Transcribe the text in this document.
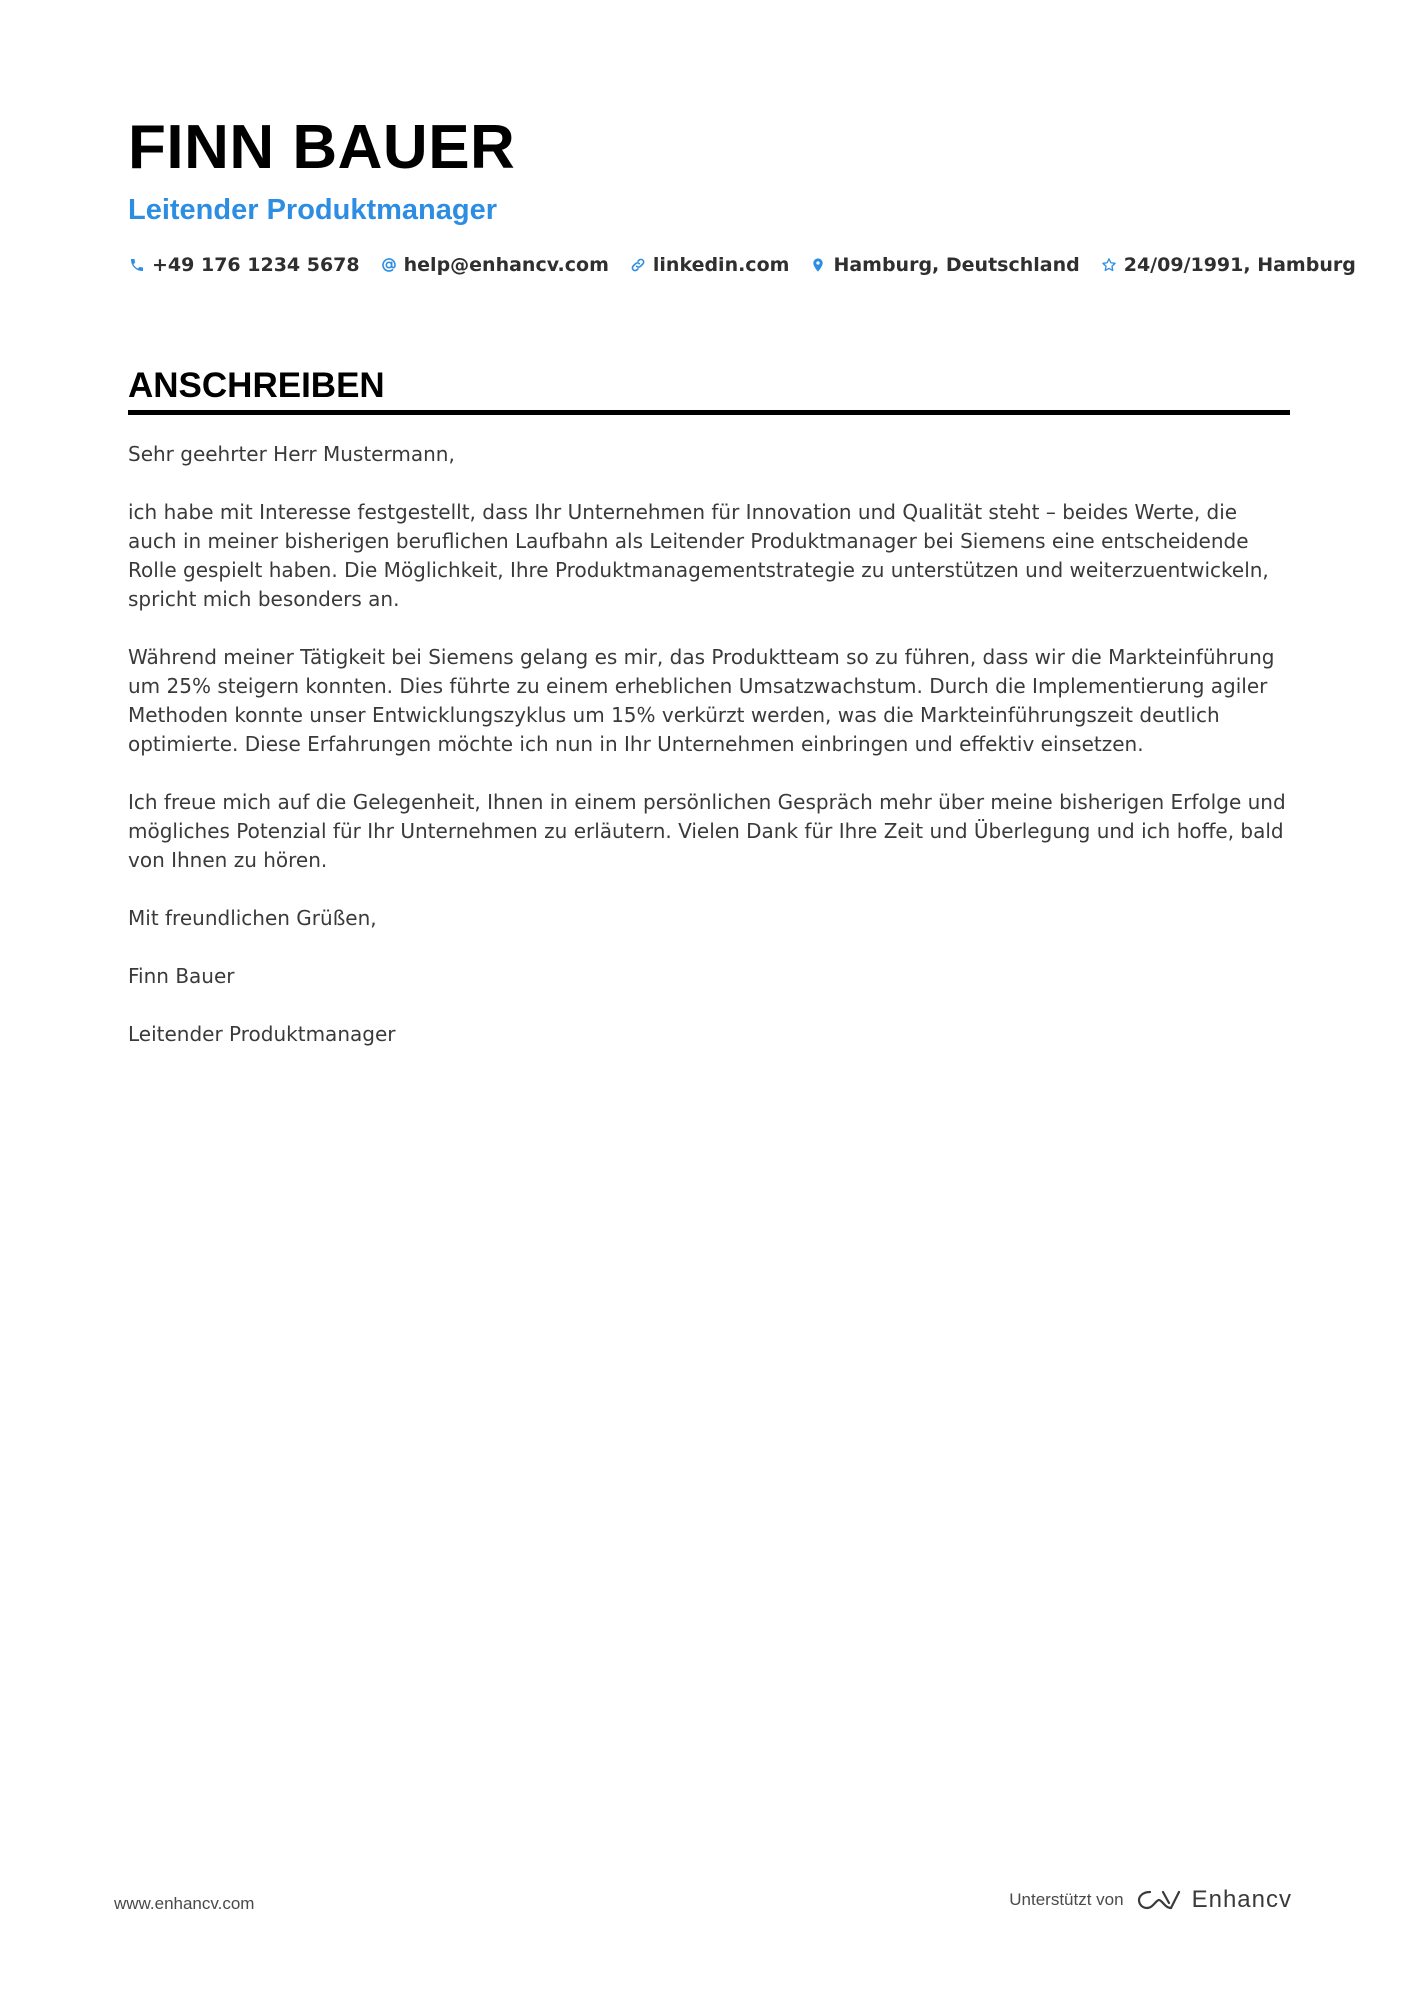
FINN BAUER
Leitender Produktmanager
+49 176 1234 5678 help@enhancv.com linkedin.com Hamburg, Deutschland 24/09/1991, Hamburg
ANSCHREIBEN

Sehr geehrter Herr Mustermann,

ich habe mit Interesse festgestellt, dass Ihr Unternehmen für Innovation und Qualität steht – beides Werte, die auch in meiner bisherigen beruflichen Laufbahn als Leitender Produktmanager bei Siemens eine entscheidende Rolle gespielt haben. Die Möglichkeit, Ihre Produktmanagementstrategie zu unterstützen und weiterzuentwickeln, spricht mich besonders an.

Während meiner Tätigkeit bei Siemens gelang es mir, das Produktteam so zu führen, dass wir die Markteinführung um 25% steigern konnten. Dies führte zu einem erheblichen Umsatzwachstum. Durch die Implementierung agiler Methoden konnte unser Entwicklungszyklus um 15% verkürzt werden, was die Markteinführungszeit deutlich optimierte. Diese Erfahrungen möchte ich nun in Ihr Unternehmen einbringen und effektiv einsetzen.

Ich freue mich auf die Gelegenheit, Ihnen in einem persönlichen Gespräch mehr über meine bisherigen Erfolge und mögliches Potenzial für Ihr Unternehmen zu erläutern. Vielen Dank für Ihre Zeit und Überlegung und ich hoffe, bald von Ihnen zu hören.

Mit freundlichen Grüßen,

Finn Bauer

Leitender Produktmanager

www.enhancv.com	Unterstützt von	Enhancv
